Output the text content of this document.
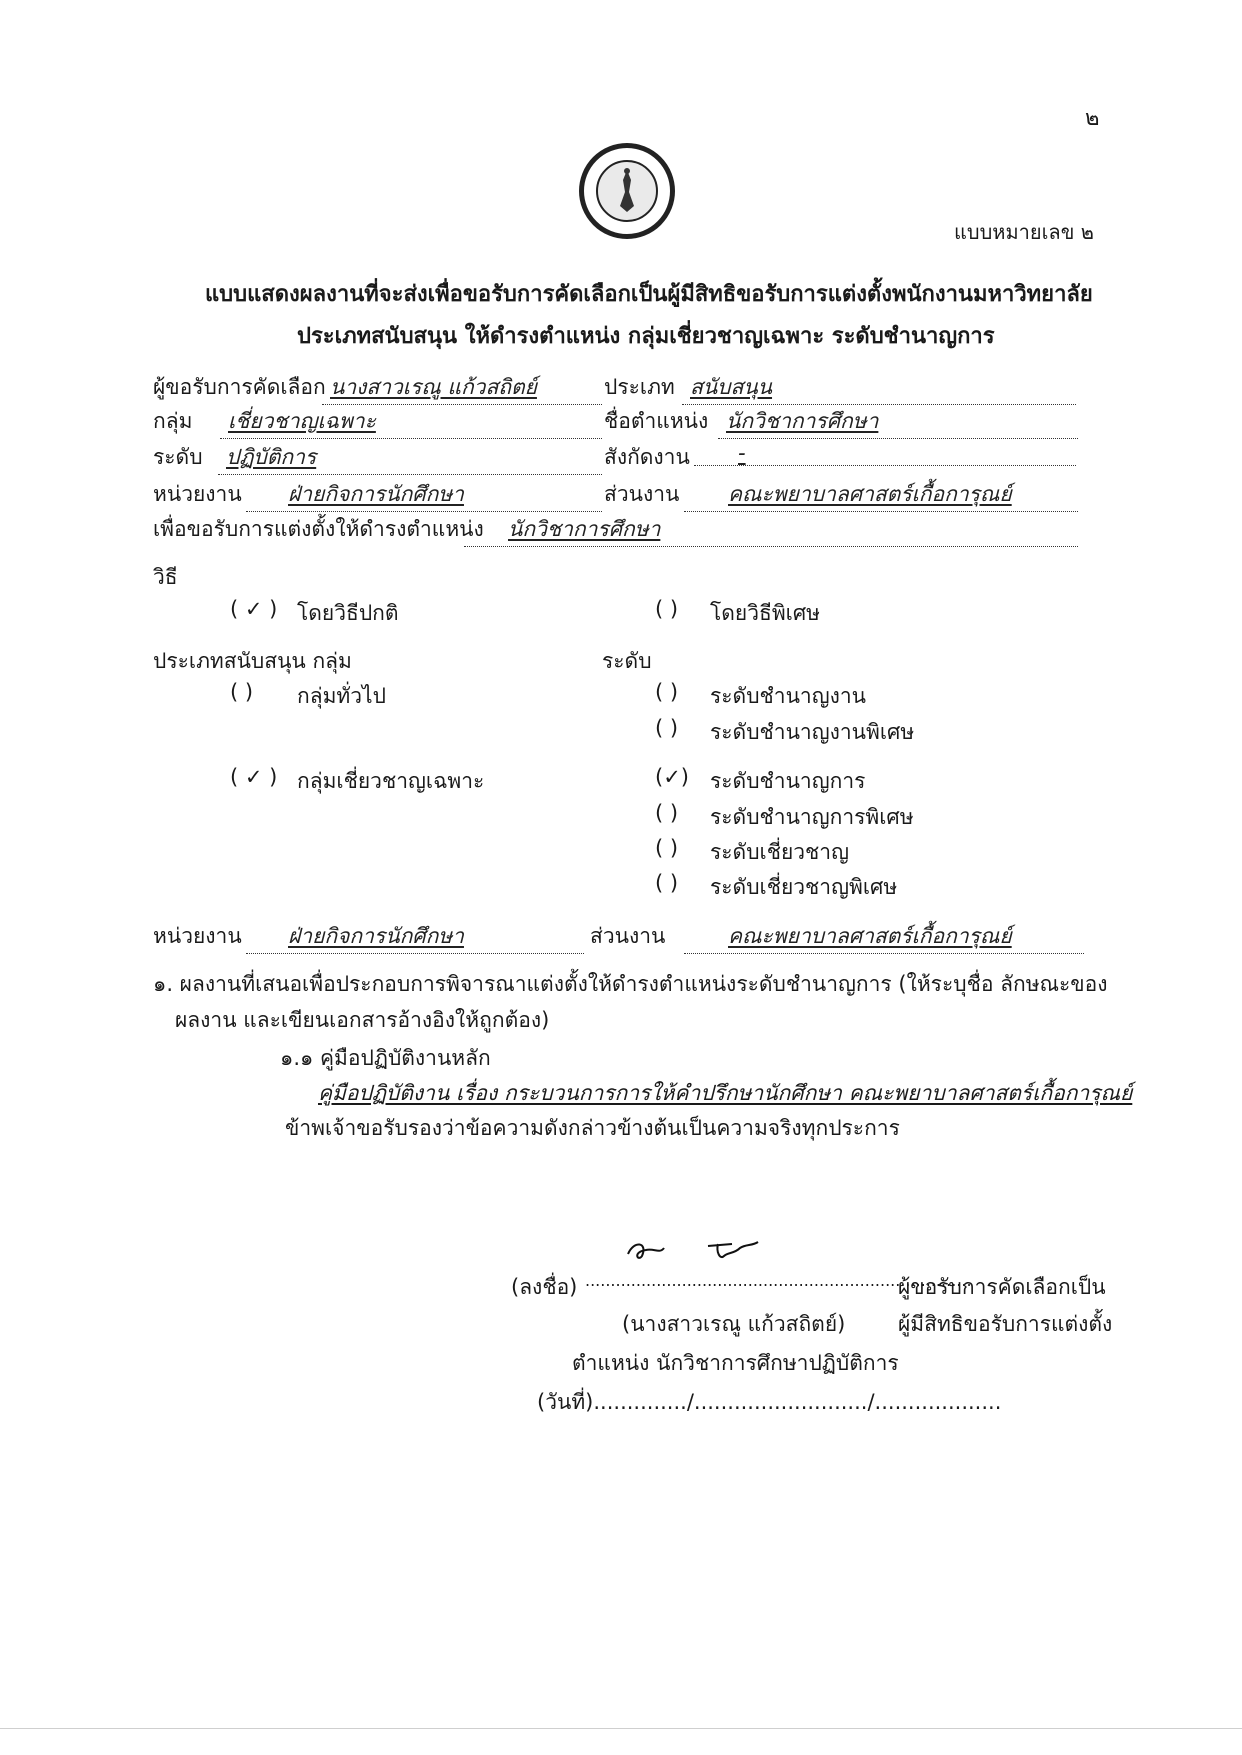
๒
แบบหมายเลข ๒
แบบแสดงผลงานที่จะส่งเพื่อขอรับการคัดเลือกเป็นผู้มีสิทธิขอรับการแต่งตั้งพนักงานมหาวิทยาลัย
ประเภทสนับสนุน ให้ดำรงตำแหน่ง กลุ่มเชี่ยวชาญเฉพาะ ระดับชำนาญการ
ผู้ขอรับการคัดเลือก นางสาวเรณู แก้วสถิตย์	ประเภท สนับสนุน
กลุ่ม	เชี่ยวชาญเฉพาะ	ชื่อตำแหน่ง นักวิชาการศึกษา
ระดับ	ปฏิบัติการ	สังกัดงาน	-
หน่วยงาน	ฝ่ายกิจการนักศึกษา	ส่วนงาน	คณะพยาบาลศาสตร์เกื้อการุณย์
เพื่อขอรับการแต่งตั้งให้ดำรงตำแหน่ง	นักวิชาการศึกษา
วิธี
( ✓ ) โดยวิธีปกติ	( ) โดยวิธีพิเศษ
ประเภทสนับสนุน กลุ่ม	ระดับ
( ) กลุ่มทั่วไป
( ✓ ) กลุ่มเชี่ยวชาญเฉพาะ
( ) ระดับชำนาญงาน
( ) ระดับชำนาญงานพิเศษ
(✓) ระดับชำนาญการ
( ) ระดับชำนาญการพิเศษ
( ) ระดับเชี่ยวชาญ
( ) ระดับเชี่ยวชาญพิเศษ
หน่วยงาน	ฝ่ายกิจการนักศึกษา	ส่วนงาน	คณะพยาบาลศาสตร์เกื้อการุณย์
๑. ผลงานที่เสนอเพื่อประกอบการพิจารณาแต่งตั้งให้ดำรงตำแหน่งระดับชำนาญการ (ให้ระบุชื่อ ลักษณะของ
ผลงาน และเขียนเอกสารอ้างอิงให้ถูกต้อง)
๑.๑ คู่มือปฏิบัติงานหลัก
คู่มือปฏิบัติงาน เรื่อง กระบวนการการให้คำปรึกษานักศึกษา คณะพยาบาลศาสตร์เกื้อการุณย์
ข้าพเจ้าขอรับรองว่าข้อความดังกล่าวข้างต้นเป็นความจริงทุกประการ
(ลงชื่อ) ............................................................................
ผู้ขอรับการคัดเลือกเป็น
(นางสาวเรณู แก้วสถิตย์)	ผู้มีสิทธิขอรับการแต่งตั้ง
ตำแหน่ง นักวิชาการศึกษาปฏิบัติการ
(วันที่)............../........................../...................
